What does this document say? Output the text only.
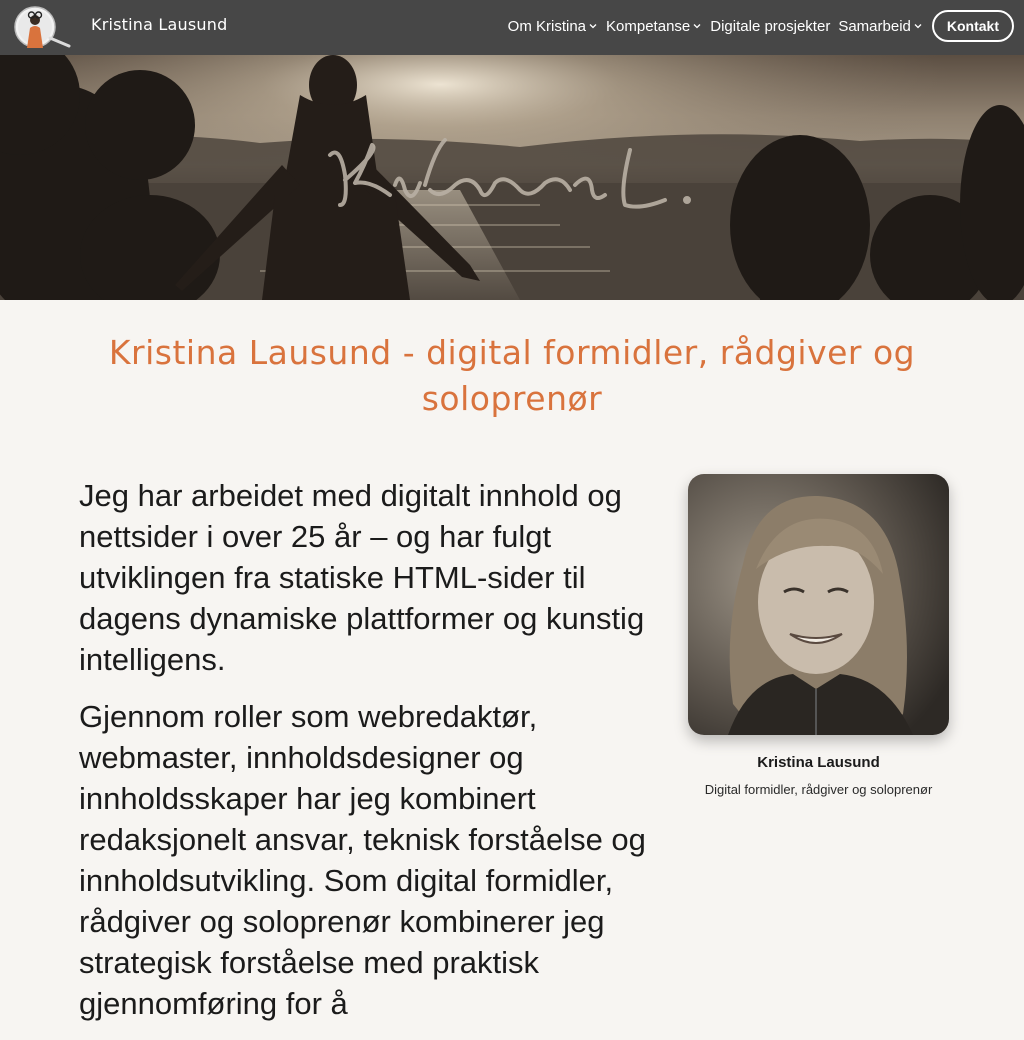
Kristina Lausund	Om Kristina Kompetanse Digitale prosjekter Samarbeid	Kontakt
Kristina L.
Kristina Lausund - digital formidler, rådgiver og soloprenør

Jeg har arbeidet med digitalt innhold og nettsider i over 25 år – og har fulgt utviklingen fra statiske HTML-sider til dagens dynamiske plattformer og kunstig intelligens.

Gjennom roller som webredaktør, webmaster, innholdsdesigner og innholdsskaper har jeg kombinert redaksjonelt ansvar, teknisk forståelse og innholdsutvikling. Som digital formidler, rådgiver og soloprenør kombinerer jeg strategisk forståelse med praktisk gjennomføring for å

Kristina Lausund
Digital formidler, rådgiver og soloprenør
